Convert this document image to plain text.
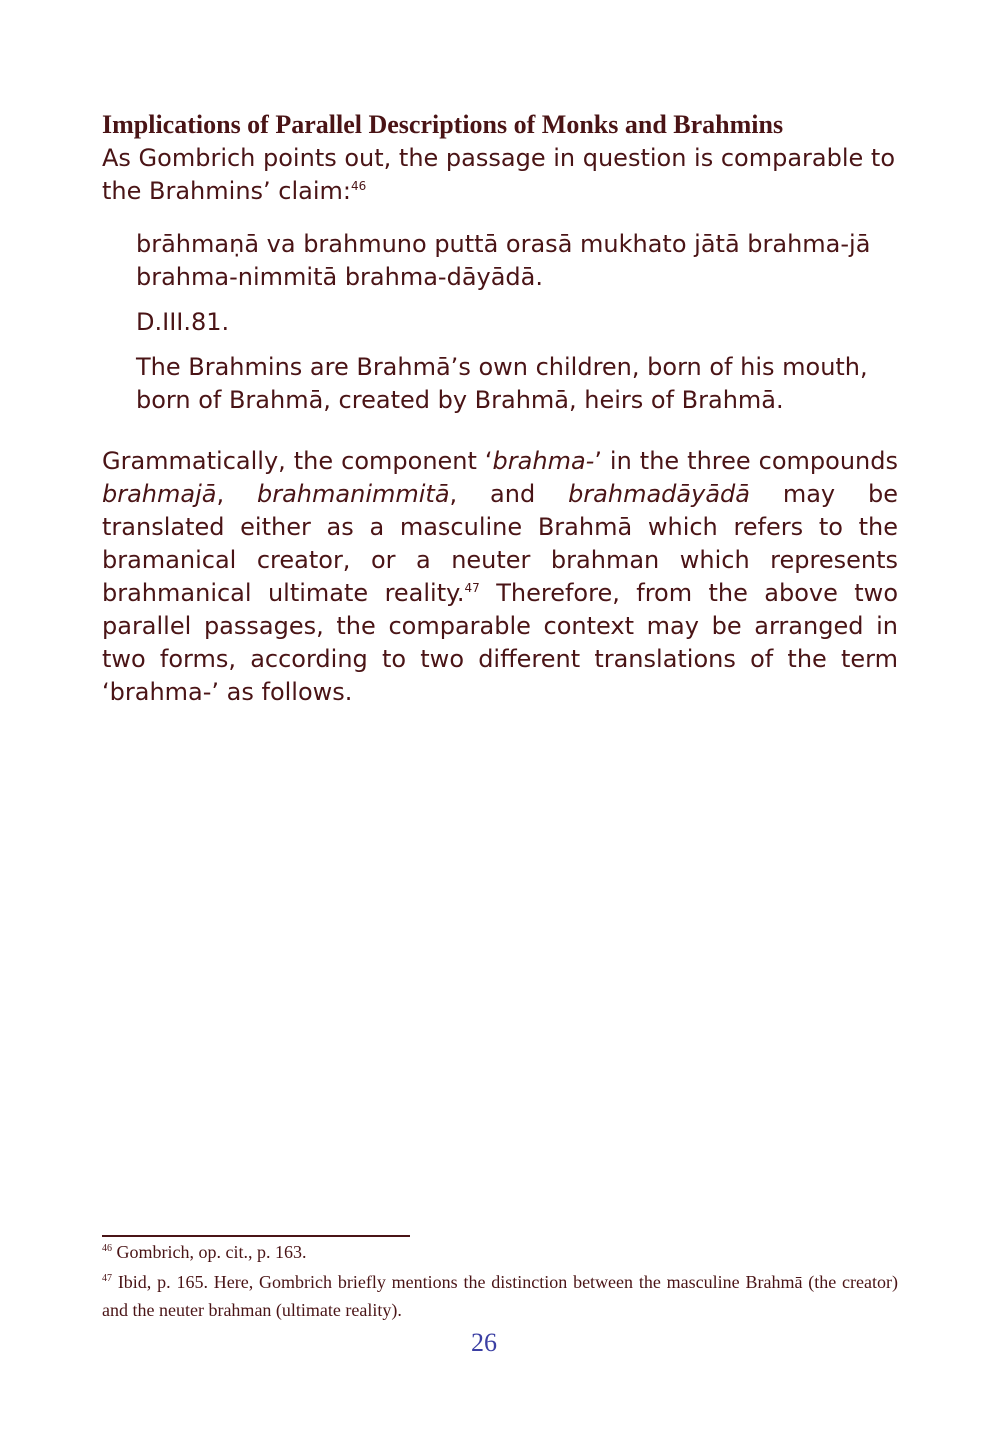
Implications of Parallel Descriptions of Monks and Brahmins

As Gombrich points out, the passage in question is comparable to the Brahmins’ claim:$^{46}$

brāhmaṇā va brahmuno puttā orasā mukhato jātā brahma-jā
brahma-nimmitā brahma-dāyādā.

D.III.81.

The Brahmins are Brahmā’s own children, born of his mouth,
born of Brahmā, created by Brahmā, heirs of Brahmā.

Grammatically, the component ‘brahma-’ in the three compounds brahmajā, brahmanimmitā, and brahmadāyādā may be translated either as a masculine Brahmā which refers to the bramanical creator, or a neuter brahman which represents brahmanical ultimate reality.$^{47}$ Therefore, from the above two parallel passages, the comparable context may be arranged in two forms, according to two different translations of the term ‘brahma-’ as follows.

$^{46}$ Gombrich, op. cit., p. 163.

$^{47}$ Ibid, p. 165. Here, Gombrich briefly mentions the distinction between the masculine Brahmā (the creator) and the neuter brahman (ultimate reality).

26
